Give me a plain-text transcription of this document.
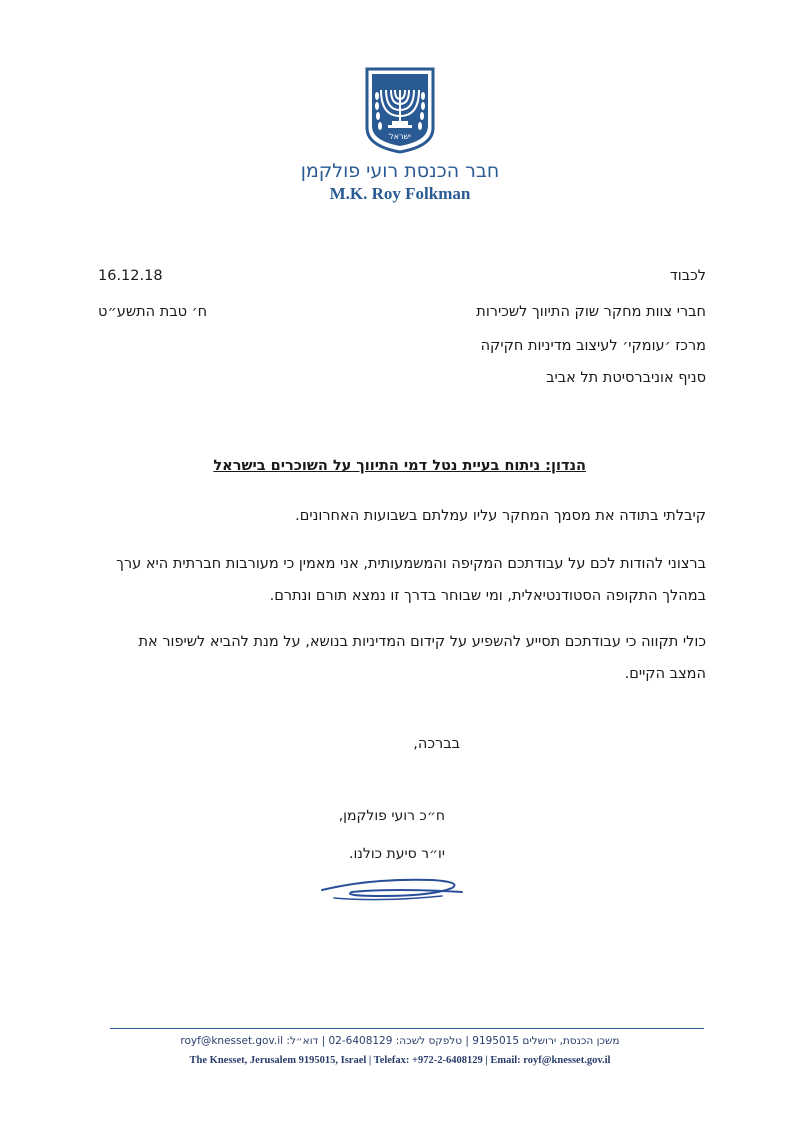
ישראל
חבר הכנסת רועי פולקמן
M.K. Roy Folkman
לכבוד
חברי צוות מחקר שוק התיווך לשכירות
מרכז ׳עומקי׳ לעיצוב מדיניות חקיקה
סניף אוניברסיטת תל אביב
16.12.18
ח׳ טבת התשע״ט
הנדון: ניתוח בעיית נטל דמי התיווך על השוכרים בישראל
קיבלתי בתודה את מסמך המחקר עליו עמלתם בשבועות האחרונים.
ברצוני להודות לכם על עבודתכם המקיפה והמשמעותית, אני מאמין כי מעורבות חברתית היא ערך
במהלך התקופה הסטודנטיאלית, ומי שבוחר בדרך זו נמצא תורם ונתרם.
כולי תקווה כי עבודתכם תסייע להשפיע על קידום המדיניות בנושא, על מנת להביא לשיפור את
המצב הקיים.
בברכה,
ח״כ רועי פולקמן,
יו״ר סיעת כולנו.
משכן הכנסת, ירושלים 9195015 | טלפקס לשכה: 02-6408129 | דוא״ל: royf@knesset.gov.il
The Knesset, Jerusalem 9195015, Israel | Telefax: +972-2-6408129 | Email: royf@knesset.gov.il
